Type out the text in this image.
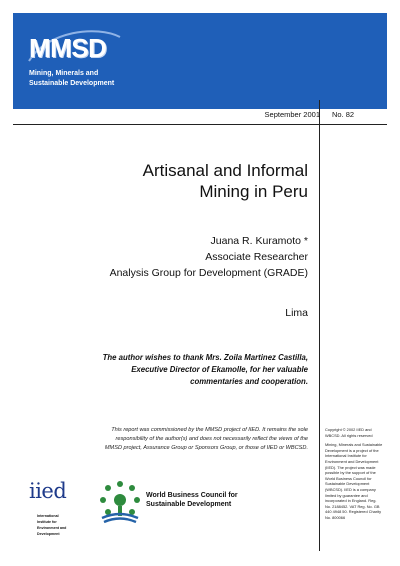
MMSD
Mining, Minerals and
Sustainable Development
September 2001 No. 82
Artisanal and Informal
Mining in Peru
Juana R. Kuramoto *
Associate Researcher
Analysis Group for Development (GRADE)
Lima
The author wishes to thank Mrs. Zoila Martinez Castilla,
Executive Director of Ekamolle, for her valuable
commentaries and cooperation.
This report was commissioned by the MMSD project of IIED. It remains the sole
responsibility of the author(s) and does not necessarily reflect the views of the
MMSD project, Assurance Group or Sponsors Group, or those of IIED or WBCSD.

Copyright © 2002 IIED and WBCSD. All rights reserved

Mining, Minerals and Sustainable Development is a project of the International Institute for Environment and Development (IIED). The project was made possible by the support of the World Business Council for Sustainable Development (WBCSD). IIED is a company limited by guarantee and incorporated in England. Reg. No. 2188452. VAT Reg. No. GB 440 4948 50. Registered Charity No. 800066

iied
International
Institute for
Environment and
Development
World Business Council for
Sustainable Development
